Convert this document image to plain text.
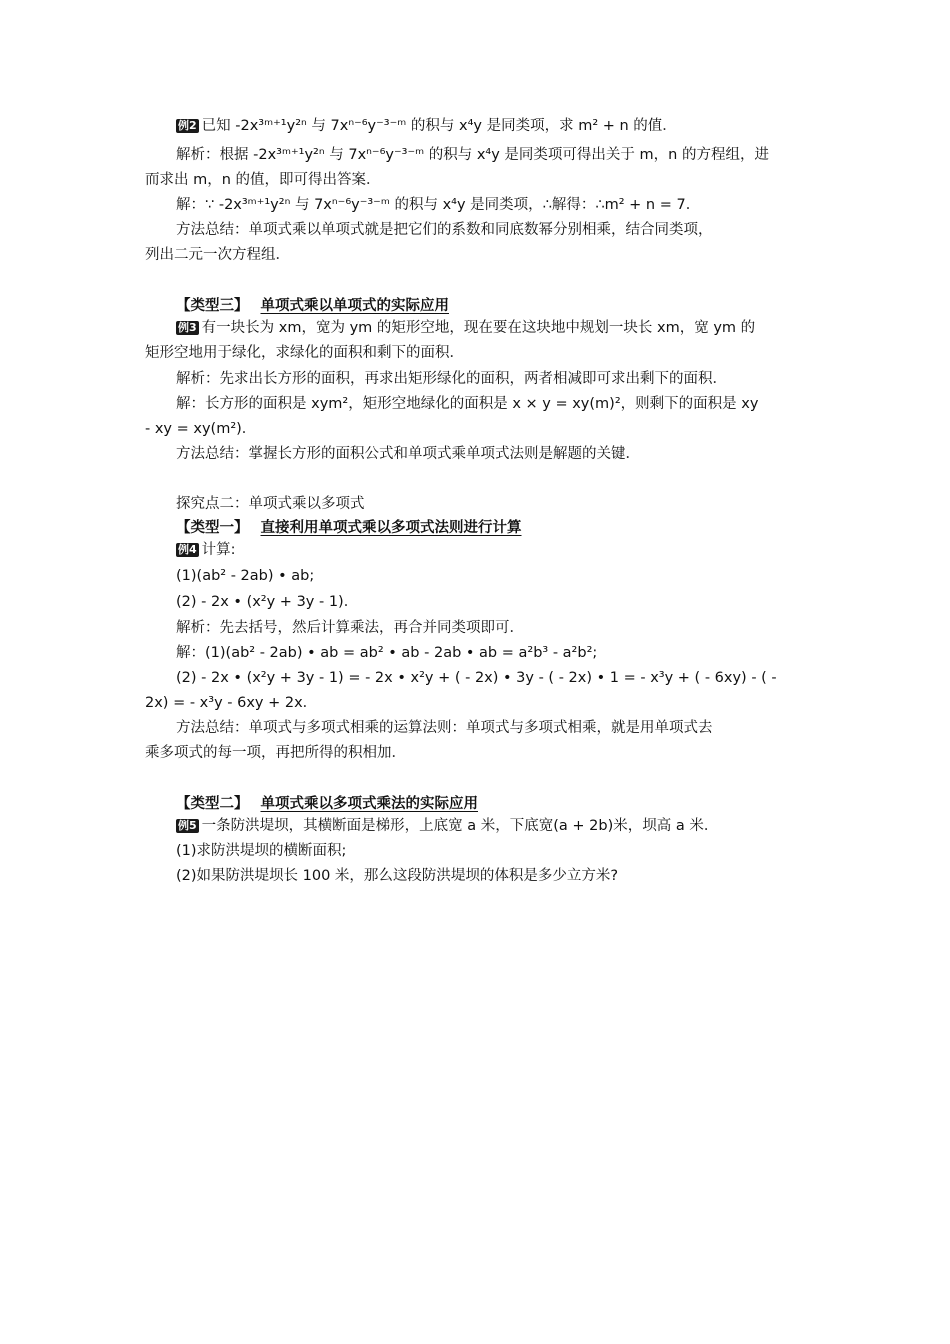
例2 已知 -2x³ᵐ⁺¹y²ⁿ 与 7xⁿ⁻⁶y⁻³⁻ᵐ 的积与 x⁴y 是同类项，求 m² + n 的值．
解析：根据 -2x³ᵐ⁺¹y²ⁿ 与 7xⁿ⁻⁶y⁻³⁻ᵐ 的积与 x⁴y 是同类项可得出关于 m，n 的方程组，进
而求出 m，n 的值，即可得出答案．
解：∵ -2x³ᵐ⁺¹y²ⁿ 与 7xⁿ⁻⁶y⁻³⁻ᵐ 的积与 x⁴y 是同类项，∴解得：∴m² + n = 7．
方法总结：单项式乘以单项式就是把它们的系数和同底数幂分别相乘，结合同类项，
列出二元一次方程组．
【类型三】 单项式乘以单项式的实际应用
例3 有一块长为 xm，宽为 ym 的矩形空地，现在要在这块地中规划一块长 xm，宽 ym 的
矩形空地用于绿化，求绿化的面积和剩下的面积．
解析：先求出长方形的面积，再求出矩形绿化的面积，两者相减即可求出剩下的面积．
解：长方形的面积是 xym²，矩形空地绿化的面积是 x × y = xy(m)²，则剩下的面积是 xy
- xy = xy(m²)．
方法总结：掌握长方形的面积公式和单项式乘单项式法则是解题的关键．
探究点二：单项式乘以多项式
【类型一】 直接利用单项式乘以多项式法则进行计算
例4 计算:
(1)(ab² - 2ab) • ab;
(2) - 2x • (x²y + 3y - 1)．
解析：先去括号，然后计算乘法，再合并同类项即可．
解：(1)(ab² - 2ab) • ab = ab² • ab - 2ab • ab = a²b³ - a²b²;
(2) - 2x • (x²y + 3y - 1) = - 2x • x²y + ( - 2x) • 3y - ( - 2x) • 1 = - x³y + ( - 6xy) - ( -
2x) = - x³y - 6xy + 2x．
方法总结：单项式与多项式相乘的运算法则：单项式与多项式相乘，就是用单项式去
乘多项式的每一项，再把所得的积相加．
【类型二】 单项式乘以多项式乘法的实际应用
例5 一条防洪堤坝，其横断面是梯形，上底宽 a 米，下底宽(a + 2b)米，坝高 a 米．
(1)求防洪堤坝的横断面积;
(2)如果防洪堤坝长 100 米，那么这段防洪堤坝的体积是多少立方米?
